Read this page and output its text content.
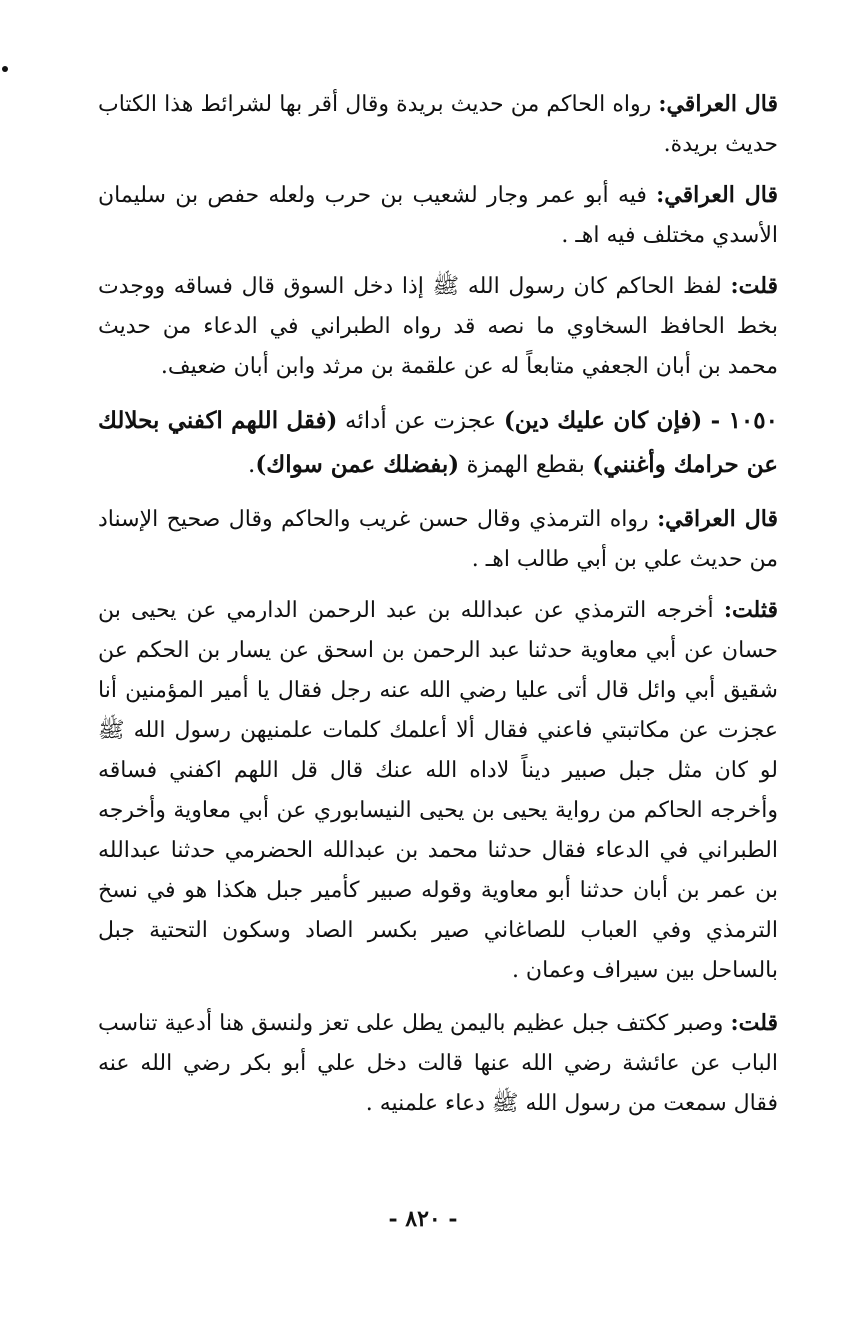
قال العراقي: رواه الحاكم من حديث بريدة وقال أقر بها لشرائط هذا الكتاب حديث بريدة.

قال العراقي: فيه أبو عمر وجار لشعيب بن حرب ولعله حفص بن سليمان الأسدي مختلف فيه اهـ .

قلت: لفظ الحاكم كان رسول الله ﷺ إذا دخل السوق قال فساقه ووجدت بخط الحافظ السخاوي ما نصه قد رواه الطبراني في الدعاء من حديث محمد بن أبان الجعفي متابعاً له عن علقمة بن مرثد وابن أبان ضعيف.

١٠٥٠ - (فإن كان عليك دين) عجزت عن أدائه (فقل اللهم اكفني بحلالك عن حرامك وأغنني) بقطع الهمزة (بفضلك عمن سواك).

قال العراقي: رواه الترمذي وقال حسن غريب والحاكم وقال صحيح الإسناد من حديث علي بن أبي طالب اهـ .

قثلت: أخرجه الترمذي عن عبدالله بن عبد الرحمن الدارمي عن يحيى بن حسان عن أبي معاوية حدثنا عبد الرحمن بن اسحق عن يسار بن الحكم عن شقيق أبي وائل قال أتى عليا رضي الله عنه رجل فقال يا أمير المؤمنين أنا عجزت عن مكاتبتي فاعني فقال ألا أعلمك كلمات علمنيهن رسول الله ﷺ لو كان مثل جبل صبير ديناً لاداه الله عنك قال قل اللهم اكفني فساقه وأخرجه الحاكم من رواية يحيى بن يحيى النيسابوري عن أبي معاوية وأخرجه الطبراني في الدعاء فقال حدثنا محمد بن عبدالله الحضرمي حدثنا عبدالله بن عمر بن أبان حدثنا أبو معاوية وقوله صبير كأمير جبل هكذا هو في نسخ الترمذي وفي العباب للصاغاني صير بكسر الصاد وسكون التحتية جبل بالساحل بين سيراف وعمان .

قلت: وصبر ككتف جبل عظيم باليمن يطل على تعز ولنسق هنا أدعية تناسب الباب عن عائشة رضي الله عنها قالت دخل علي أبو بكر رضي الله عنه فقال سمعت من رسول الله ﷺ دعاء علمنيه .

- ٨٢٠ -
